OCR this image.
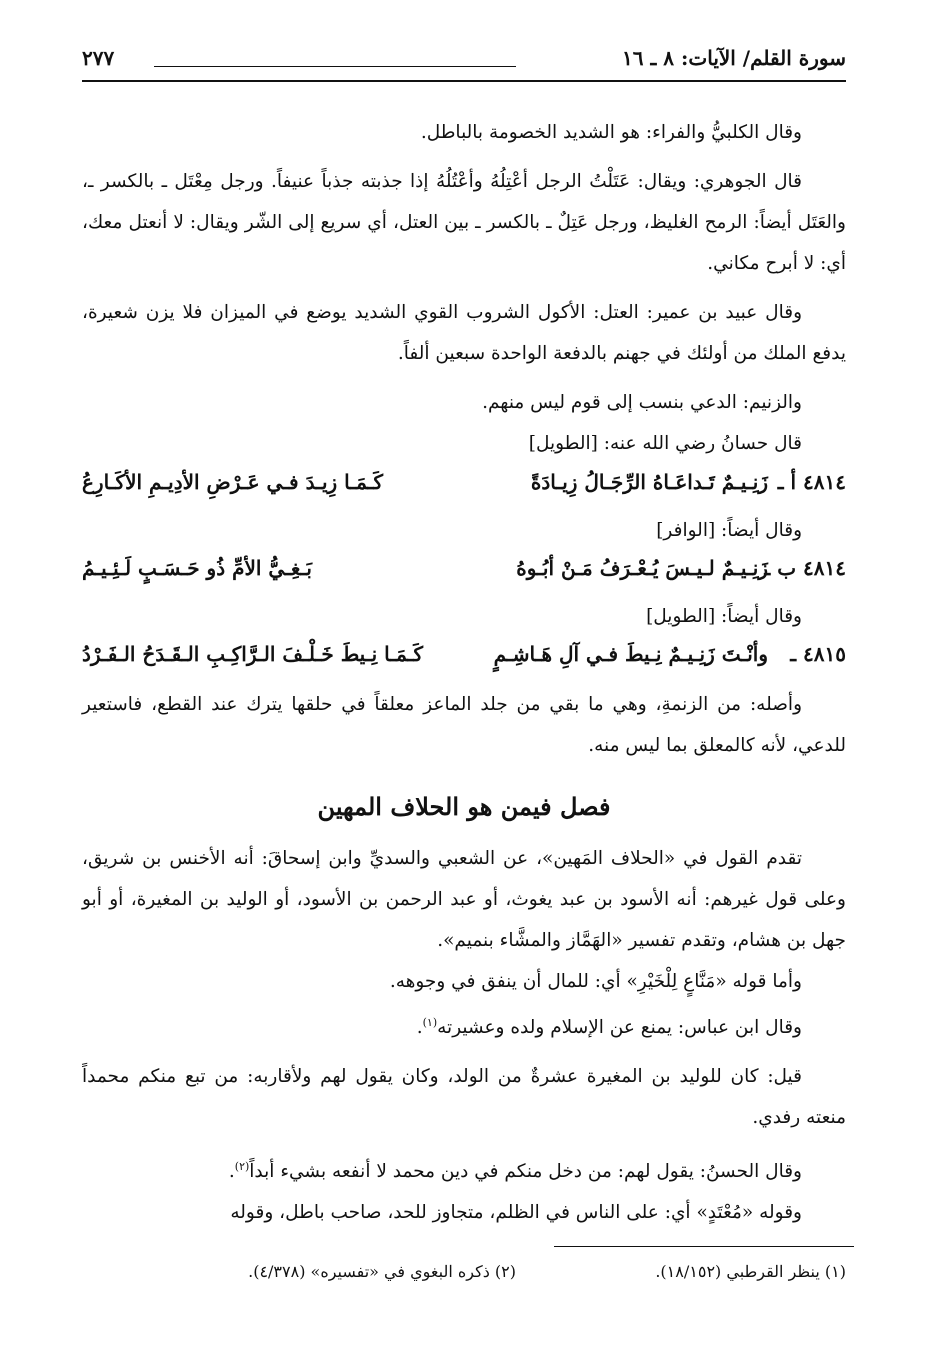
سورة القلم/ الآيات: ٨ ـ ١٦
٢٧٧

وقال الكلبيُّ والفراء: هو الشديد الخصومة بالباطل.

قال الجوهري: ويقال: عَتَلْتُ الرجل أعْتِلُهُ وأعْتُلُهُ إذا جذبته جذباً عنيفاً. ورجل مِعْتَل ـ بالكسر ـ، والعَتَل أيضاً: الرمح الغليظ، ورجل عَتِلٌ ـ بالكسر ـ بين العتل، أي سريع إلى الشّر ويقال: لا أنعتل معك، أي: لا أبرح مكاني.

وقال عبيد بن عمير: العتل: الأكول الشروب القوي الشديد يوضع في الميزان فلا يزن شعيرة، يدفع الملك من أولئك في جهنم بالدفعة الواحدة سبعين ألفاً.

والزنيم: الدعي بنسب إلى قوم ليس منهم.

قال حسانُ رضي الله عنه: [الطويل]

٤٨١٤ أ ـ
زَنِـيـمٌ تَـداعَـاهُ الرِّجَـالُ زِيـادَةً
كَـمَـا زِيـدَ فـي عَـرْضِ الأدِيـمِ الأكَـارِعُ
وقال أيضاً: [الوافر]
٤٨١٤ ب ـ
زَنِـيـمٌ لـيـسَ يُـعْـرَفُ مَـنْ أبُـوهُ
بَـغِـيُّ الأمِّ ذُو حَـسَـبٍ لَـئِـيـمُ
وقال أيضاً: [الطويل]
٤٨١٥ ـ
وأنْـتَ زَنِـيـمٌ نِـيطَ فـي آلِ هَـاشِـمٍ
كَـمَـا نِـيطَ خَـلْـفَ الـرَّاكِـبِ الـقَـدَحُ الـفَـرْدُ

وأصله: من الزنمةِ، وهي ما بقي من جلد الماعز معلقاً في حلقها يترك عند القطع، فاستعير للدعي، لأنه كالمعلق بما ليس منه.

فصل فيمن هو الحلاف المهين

تقدم القول في «الحلاف المَهين»، عن الشعبي والسديِّ وابن إسحاقَ: أنه الأخنس بن شريق، وعلى قول غيرهم: أنه الأسود بن عبد يغوث، أو عبد الرحمن بن الأسود، أو الوليد بن المغيرة، أو أبو جهل بن هشام، وتقدم تفسير «الهَمَّاز والمشَّاء بنميم».

وأما قوله «مَنَّاعٍ لِلْخَيْرِ» أي: للمال أن ينفق في وجوهه.

وقال ابن عباس: يمنع عن الإسلام ولده وعشيرته$^{(١)}$.

قيل: كان للوليد بن المغيرة عشرةٌ من الولد، وكان يقول لهم ولأقاربه: من تبع منكم محمداً منعته رفدي.

وقال الحسنُ: يقول لهم: من دخل منكم في دين محمد لا أنفعه بشيء أبداً$^{(٢)}$.

وقوله «مُعْتَدٍ» أي: على الناس في الظلم، متجاوز للحد، صاحب باطل، وقوله

(١) ينظر القرطبي (١٨/١٥٢).
(٢) ذكره البغوي في «تفسيره» (٤/٣٧٨).
